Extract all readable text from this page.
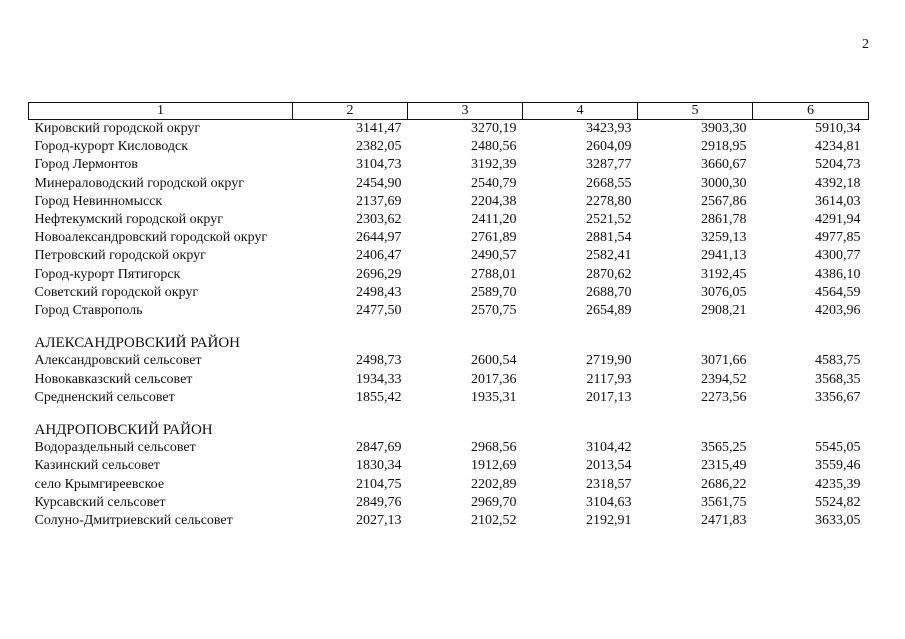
2
1	2	3	4	5	6
Кировский городской округ	3141,47	3270,19	3423,93	3903,30	5910,34
Город-курорт Кисловодск	2382,05	2480,56	2604,09	2918,95	4234,81
Город Лермонтов	3104,73	3192,39	3287,77	3660,67	5204,73
Минераловодский городской округ	2454,90	2540,79	2668,55	3000,30	4392,18
Город Невинномысск	2137,69	2204,38	2278,80	2567,86	3614,03
Нефтекумский городской округ	2303,62	2411,20	2521,52	2861,78	4291,94
Новоалександровский городской округ	2644,97	2761,89	2881,54	3259,13	4977,85
Петровский городской округ	2406,47	2490,57	2582,41	2941,13	4300,77
Город-курорт Пятигорск	2696,29	2788,01	2870,62	3192,45	4386,10
Советский городской округ	2498,43	2589,70	2688,70	3076,05	4564,59
Город Ставрополь	2477,50	2570,75	2654,89	2908,21	4203,96

АЛЕКСАНДРОВСКИЙ РАЙОН					
Александровский сельсовет	2498,73	2600,54	2719,90	3071,66	4583,75
Новокавказский сельсовет	1934,33	2017,36	2117,93	2394,52	3568,35
Средненский сельсовет	1855,42	1935,31	2017,13	2273,56	3356,67

АНДРОПОВСКИЙ РАЙОН					
Водораздельный сельсовет	2847,69	2968,56	3104,42	3565,25	5545,05
Казинский сельсовет	1830,34	1912,69	2013,54	2315,49	3559,46
село Крымгиреевское	2104,75	2202,89	2318,57	2686,22	4235,39
Курсавский сельсовет	2849,76	2969,70	3104,63	3561,75	5524,82
Солуно-Дмитриевский сельсовет	2027,13	2102,52	2192,91	2471,83	3633,05
